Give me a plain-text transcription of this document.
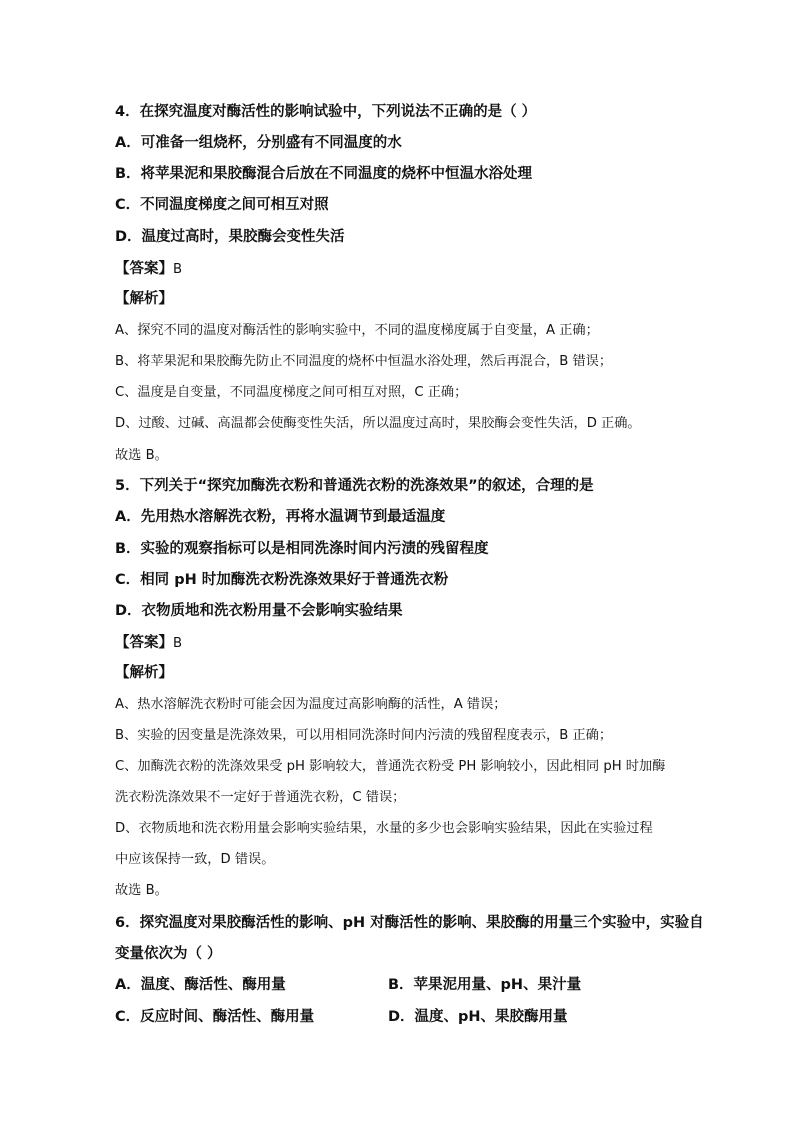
4．在探究温度对酶活性的影响试验中，下列说法不正确的是（ ）
A．可准备一组烧杯，分别盛有不同温度的水
B．将苹果泥和果胶酶混合后放在不同温度的烧杯中恒温水浴处理
C．不同温度梯度之间可相互对照
D．温度过高时，果胶酶会变性失活
【答案】B
【解析】
A、探究不同的温度对酶活性的影响实验中，不同的温度梯度属于自变量，A 正确；
B、将苹果泥和果胶酶先防止不同温度的烧杯中恒温水浴处理，然后再混合，B 错误；
C、温度是自变量，不同温度梯度之间可相互对照，C 正确；
D、过酸、过碱、高温都会使酶变性失活，所以温度过高时，果胶酶会变性失活，D 正确。
故选 B。
5．下列关于“探究加酶洗衣粉和普通洗衣粉的洗涤效果”的叙述，合理的是
A．先用热水溶解洗衣粉，再将水温调节到最适温度
B．实验的观察指标可以是相同洗涤时间内污渍的残留程度
C．相同 pH 时加酶洗衣粉洗涤效果好于普通洗衣粉
D．衣物质地和洗衣粉用量不会影响实验结果
【答案】B
【解析】
A、热水溶解洗衣粉时可能会因为温度过高影响酶的活性，A 错误；
B、实验的因变量是洗涤效果，可以用相同洗涤时间内污渍的残留程度表示，B 正确；
C、加酶洗衣粉的洗涤效果受 pH 影响较大，普通洗衣粉受 PH 影响较小，因此相同 pH 时加酶
洗衣粉洗涤效果不一定好于普通洗衣粉，C 错误；
D、衣物质地和洗衣粉用量会影响实验结果，水量的多少也会影响实验结果，因此在实验过程
中应该保持一致，D 错误。
故选 B。
6．探究温度对果胶酶活性的影响、pH 对酶活性的影响、果胶酶的用量三个实验中，实验自
变量依次为（ ）
A．温度、酶活性、酶用量	B．苹果泥用量、pH、果汁量
C．反应时间、酶活性、酶用量	D．温度、pH、果胶酶用量
